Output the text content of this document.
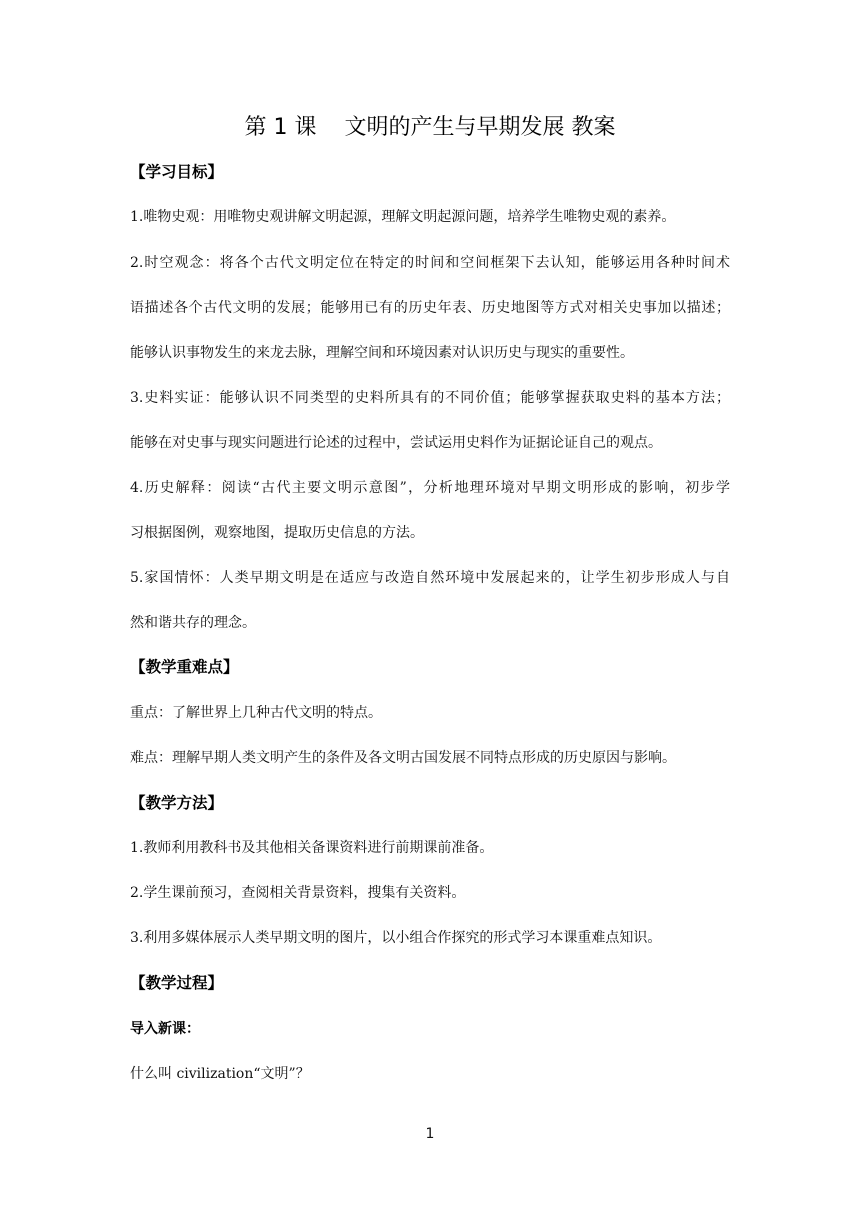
第 1 课    文明的产生与早期发展 教案
【学习目标】
1.唯物史观：用唯物史观讲解文明起源，理解文明起源问题，培养学生唯物史观的素养。
2.时空观念：将各个古代文明定位在特定的时间和空间框架下去认知，能够运用各种时间术
语描述各个古代文明的发展；能够用已有的历史年表、历史地图等方式对相关史事加以描述；
能够认识事物发生的来龙去脉，理解空间和环境因素对认识历史与现实的重要性。
3.史料实证：能够认识不同类型的史料所具有的不同价值；能够掌握获取史料的基本方法；
能够在对史事与现实问题进行论述的过程中，尝试运用史料作为证据论证自己的观点。
4.历史解释：阅读“古代主要文明示意图”，分析地理环境对早期文明形成的影响，初步学
习根据图例，观察地图，提取历史信息的方法。
5.家国情怀：人类早期文明是在适应与改造自然环境中发展起来的，让学生初步形成人与自
然和谐共存的理念。
【教学重难点】
重点：了解世界上几种古代文明的特点。
难点：理解早期人类文明产生的条件及各文明古国发展不同特点形成的历史原因与影响。
【教学方法】
1.教师利用教科书及其他相关备课资料进行前期课前准备。
2.学生课前预习，查阅相关背景资料，搜集有关资料。
3.利用多媒体展示人类早期文明的图片，以小组合作探究的形式学习本课重难点知识。
【教学过程】
导入新课：
什么叫 civilization“文明”？
1
